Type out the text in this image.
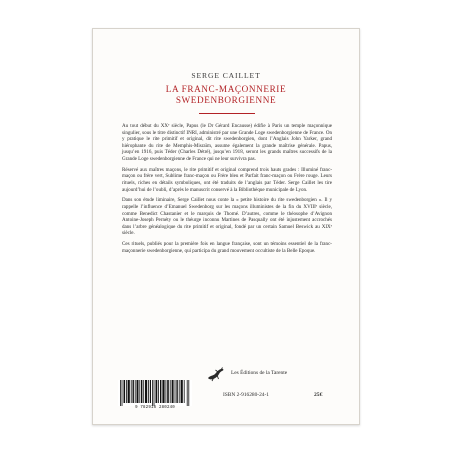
SERGE CAILLET
LA FRANC-MAÇONNERIE
SWEDENBORGIENNE

Au tout début du XXᵉ siècle, Papus (le Dr Gérard Encausse) édifie à Paris un temple maçonnique singulier, sous le titre distinctif INRI, administré par une Grande Loge swedenborgienne de France. On y pratique le rite primitif et original, dit rite swedenborgien, dont l’Anglais John Yarker, grand hiérophante du rite de Memphis-Misraïm, assume également la grande maîtrise générale. Papus, jusqu’en 1916, puis Téder (Charles Détré), jusqu’en 1918, seront les grands maîtres successifs de la Grande Loge swedenborgienne de France qui ne leur survivra pas.

Réservé aux maîtres maçons, le rite primitif et original comprend trois hauts grades : Illuminé franc-maçon ou frère vert, Sublime franc-maçon ou Frère bleu et Parfait franc-maçon ou Frère rouge. Leurs rituels, riches en détails symboliques, ont été traduits de l’anglais par Téder. Serge Caillet les tire aujourd’hui de l’oubli, d’après le manuscrit conservé à la Bibliothèque municipale de Lyon.

Dans son étude liminaire, Serge Caillet nous conte la « petite histoire du rite swedenborgien ». Il y rappelle l’influence d’Emanuel Swedenborg sur les maçons illuministes de la fin du XVIIIᵉ siècle, comme Benedict Chastanier et le marquis de Thomé. D’autres, comme le théosophe d’Avignon Antoine-Joseph Pernéty ou le théurge inconnu Martines de Pasqually ont été injustement accrochés dans l’arbre généalogique du rite primitif et original, fondé par un certain Samuel Beswick au XIXᵉ siècle.

Ces rituels, publiés pour la première fois en langue française, sont un témoins essentiel de la franc-maçonnerie swedenborgienne, qui participa du grand mouvement occultiste de la Belle Epoque.

Les Éditions de la Tarente
9 782916 280240
ISBN 2-916280-24-1	25€
